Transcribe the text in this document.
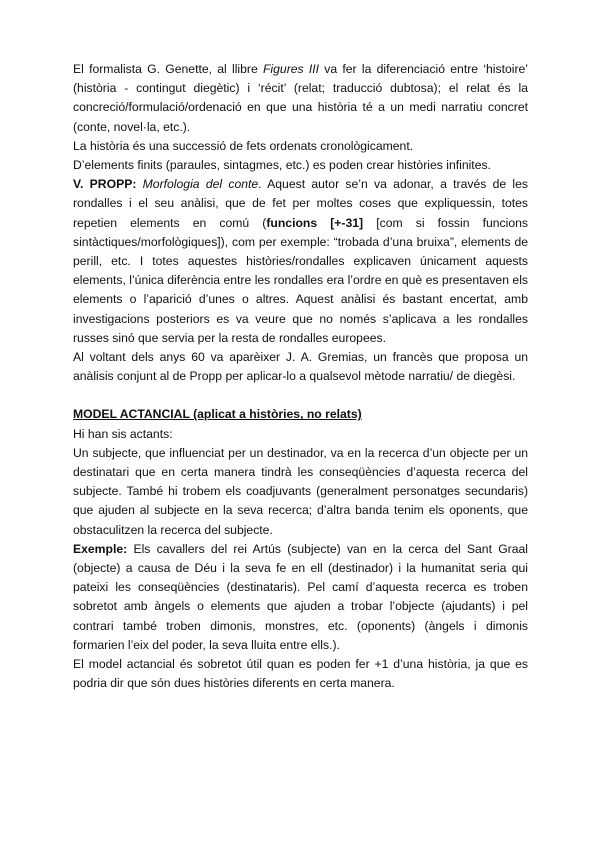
El formalista G. Genette, al llibre Figures III va fer la diferenciació entre ‘histoire’ (història - contingut diegètic) i ‘récit’ (relat; traducció dubtosa); el relat és la concreció/formulació/ordenació en que una història té a un medi narratiu concret (conte, novel·la, etc.).

La història és una successió de fets ordenats cronològicament.

D’elements finits (paraules, sintagmes, etc.) es poden crear històries infinites.

V. PROPP: Morfologia del conte. Aquest autor se’n va adonar, a través de les rondalles i el seu anàlisi, que de fet per moltes coses que expliquessin, totes repetien elements en comú (funcions [+-31] [com si fossin funcions sintàctiques/morfològiques]), com per exemple: “trobada d’una bruixa”, elements de perill, etc. I totes aquestes històries/rondalles explicaven únicament aquests elements, l’única diferència entre les rondalles era l’ordre en què es presentaven els elements o l’aparició d’unes o altres. Aquest anàlisi és bastant encertat, amb investigacions posteriors es va veure que no només s’aplicava a les rondalles russes sinó que servia per la resta de rondalles europees.

Al voltant dels anys 60 va aparèixer J. A. Gremias, un francès que proposa un anàlisis conjunt al de Propp per aplicar-lo a qualsevol mètode narratiu/ de diegèsi.

MODEL ACTANCIAL (aplicat a històries, no relats)

Hi han sis actants:

Un subjecte, que influenciat per un destinador, va en la recerca d’un objecte per un destinatari que en certa manera tindrà les conseqüències d’aquesta recerca del subjecte. També hi trobem els coadjuvants (generalment personatges secundaris) que ajuden al subjecte en la seva recerca; d’altra banda tenim els oponents, que obstaculitzen la recerca del subjecte.

Exemple: Els cavallers del rei Artús (subjecte) van en la cerca del Sant Graal (objecte) a causa de Déu i la seva fe en ell (destinador) i la humanitat seria qui pateixi les conseqüències (destinataris). Pel camí d’aquesta recerca es troben sobretot amb àngels o elements que ajuden a trobar l’objecte (ajudants) i pel contrari també troben dimonis, monstres, etc. (oponents) (àngels i dimonis formarien l’eix del poder, la seva lluita entre ells.).

El model actancial és sobretot útil quan es poden fer +1 d’una història, ja que es podria dir que són dues històries diferents en certa manera.
